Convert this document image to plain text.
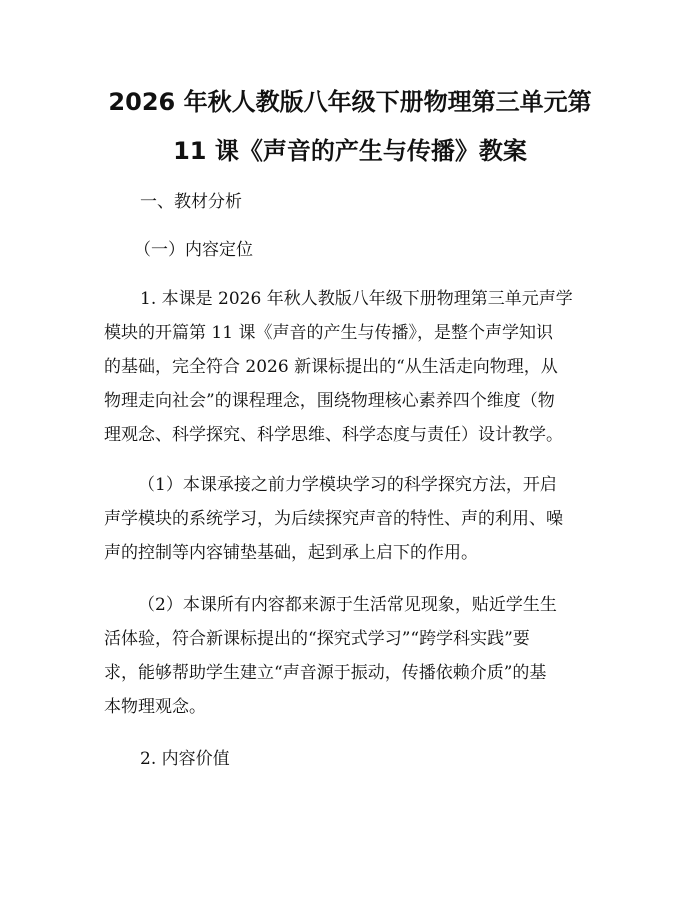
2026 年秋人教版八年级下册物理第三单元第
11 课《声音的产生与传播》教案
一、教材分析
（一）内容定位
1. 本课是 2026 年秋人教版八年级下册物理第三单元声学
模块的开篇第 11 课《声音的产生与传播》，是整个声学知识
的基础，完全符合 2026 新课标提出的“从生活走向物理，从
物理走向社会”的课程理念，围绕物理核心素养四个维度（物
理观念、科学探究、科学思维、科学态度与责任）设计教学。
（1）本课承接之前力学模块学习的科学探究方法，开启
声学模块的系统学习，为后续探究声音的特性、声的利用、噪
声的控制等内容铺垫基础，起到承上启下的作用。
（2）本课所有内容都来源于生活常见现象，贴近学生生
活体验，符合新课标提出的“探究式学习”“跨学科实践”要
求，能够帮助学生建立“声音源于振动，传播依赖介质”的基
本物理观念。
2. 内容价值
